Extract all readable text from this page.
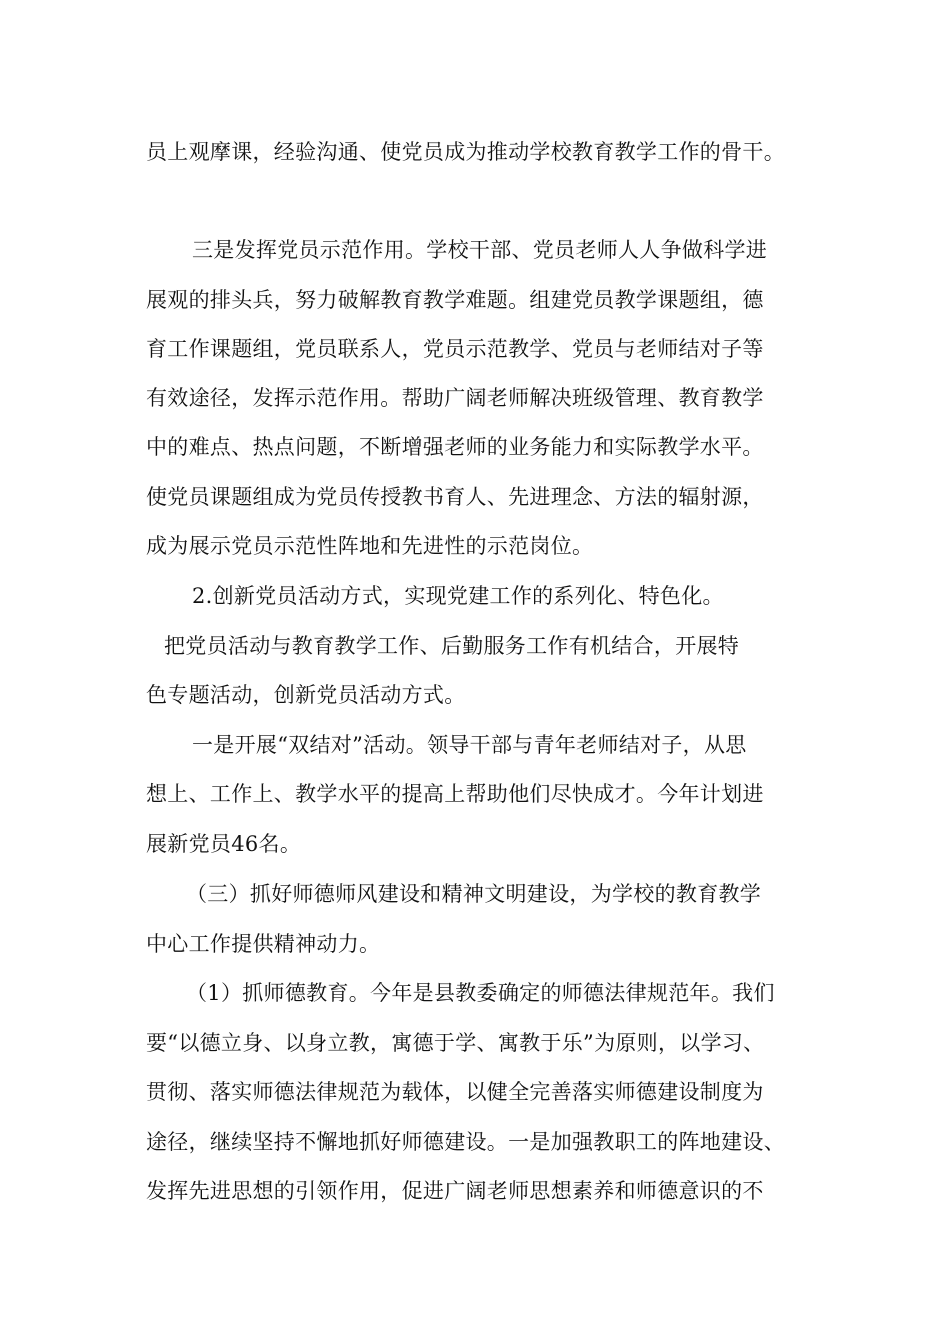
员上观摩课，经验沟通、使党员成为推动学校教育教学工作的骨干。
三是发挥党员示范作用。学校干部、党员老师人人争做科学进
展观的排头兵，努力破解教育教学难题。组建党员教学课题组，德
育工作课题组，党员联系人，党员示范教学、党员与老师结对子等
有效途径，发挥示范作用。帮助广阔老师解决班级管理、教育教学
中的难点、热点问题，不断增强老师的业务能力和实际教学水平。
使党员课题组成为党员传授教书育人、先进理念、方法的辐射源，
成为展示党员示范性阵地和先进性的示范岗位。
2.创新党员活动方式，实现党建工作的系列化、特色化。
把党员活动与教育教学工作、后勤服务工作有机结合，开展特
色专题活动，创新党员活动方式。
一是开展“双结对”活动。领导干部与青年老师结对子，从思
想上、工作上、教学水平的提高上帮助他们尽快成才。今年计划进
展新党员46名。
（三）抓好师德师风建设和精神文明建设，为学校的教育教学
中心工作提供精神动力。
（1）抓师德教育。今年是县教委确定的师德法律规范年。我们
要“以德立身、以身立教，寓德于学、寓教于乐”为原则，以学习、
贯彻、落实师德法律规范为载体，以健全完善落实师德建设制度为
途径，继续坚持不懈地抓好师德建设。一是加强教职工的阵地建设、
发挥先进思想的引领作用，促进广阔老师思想素养和师德意识的不
